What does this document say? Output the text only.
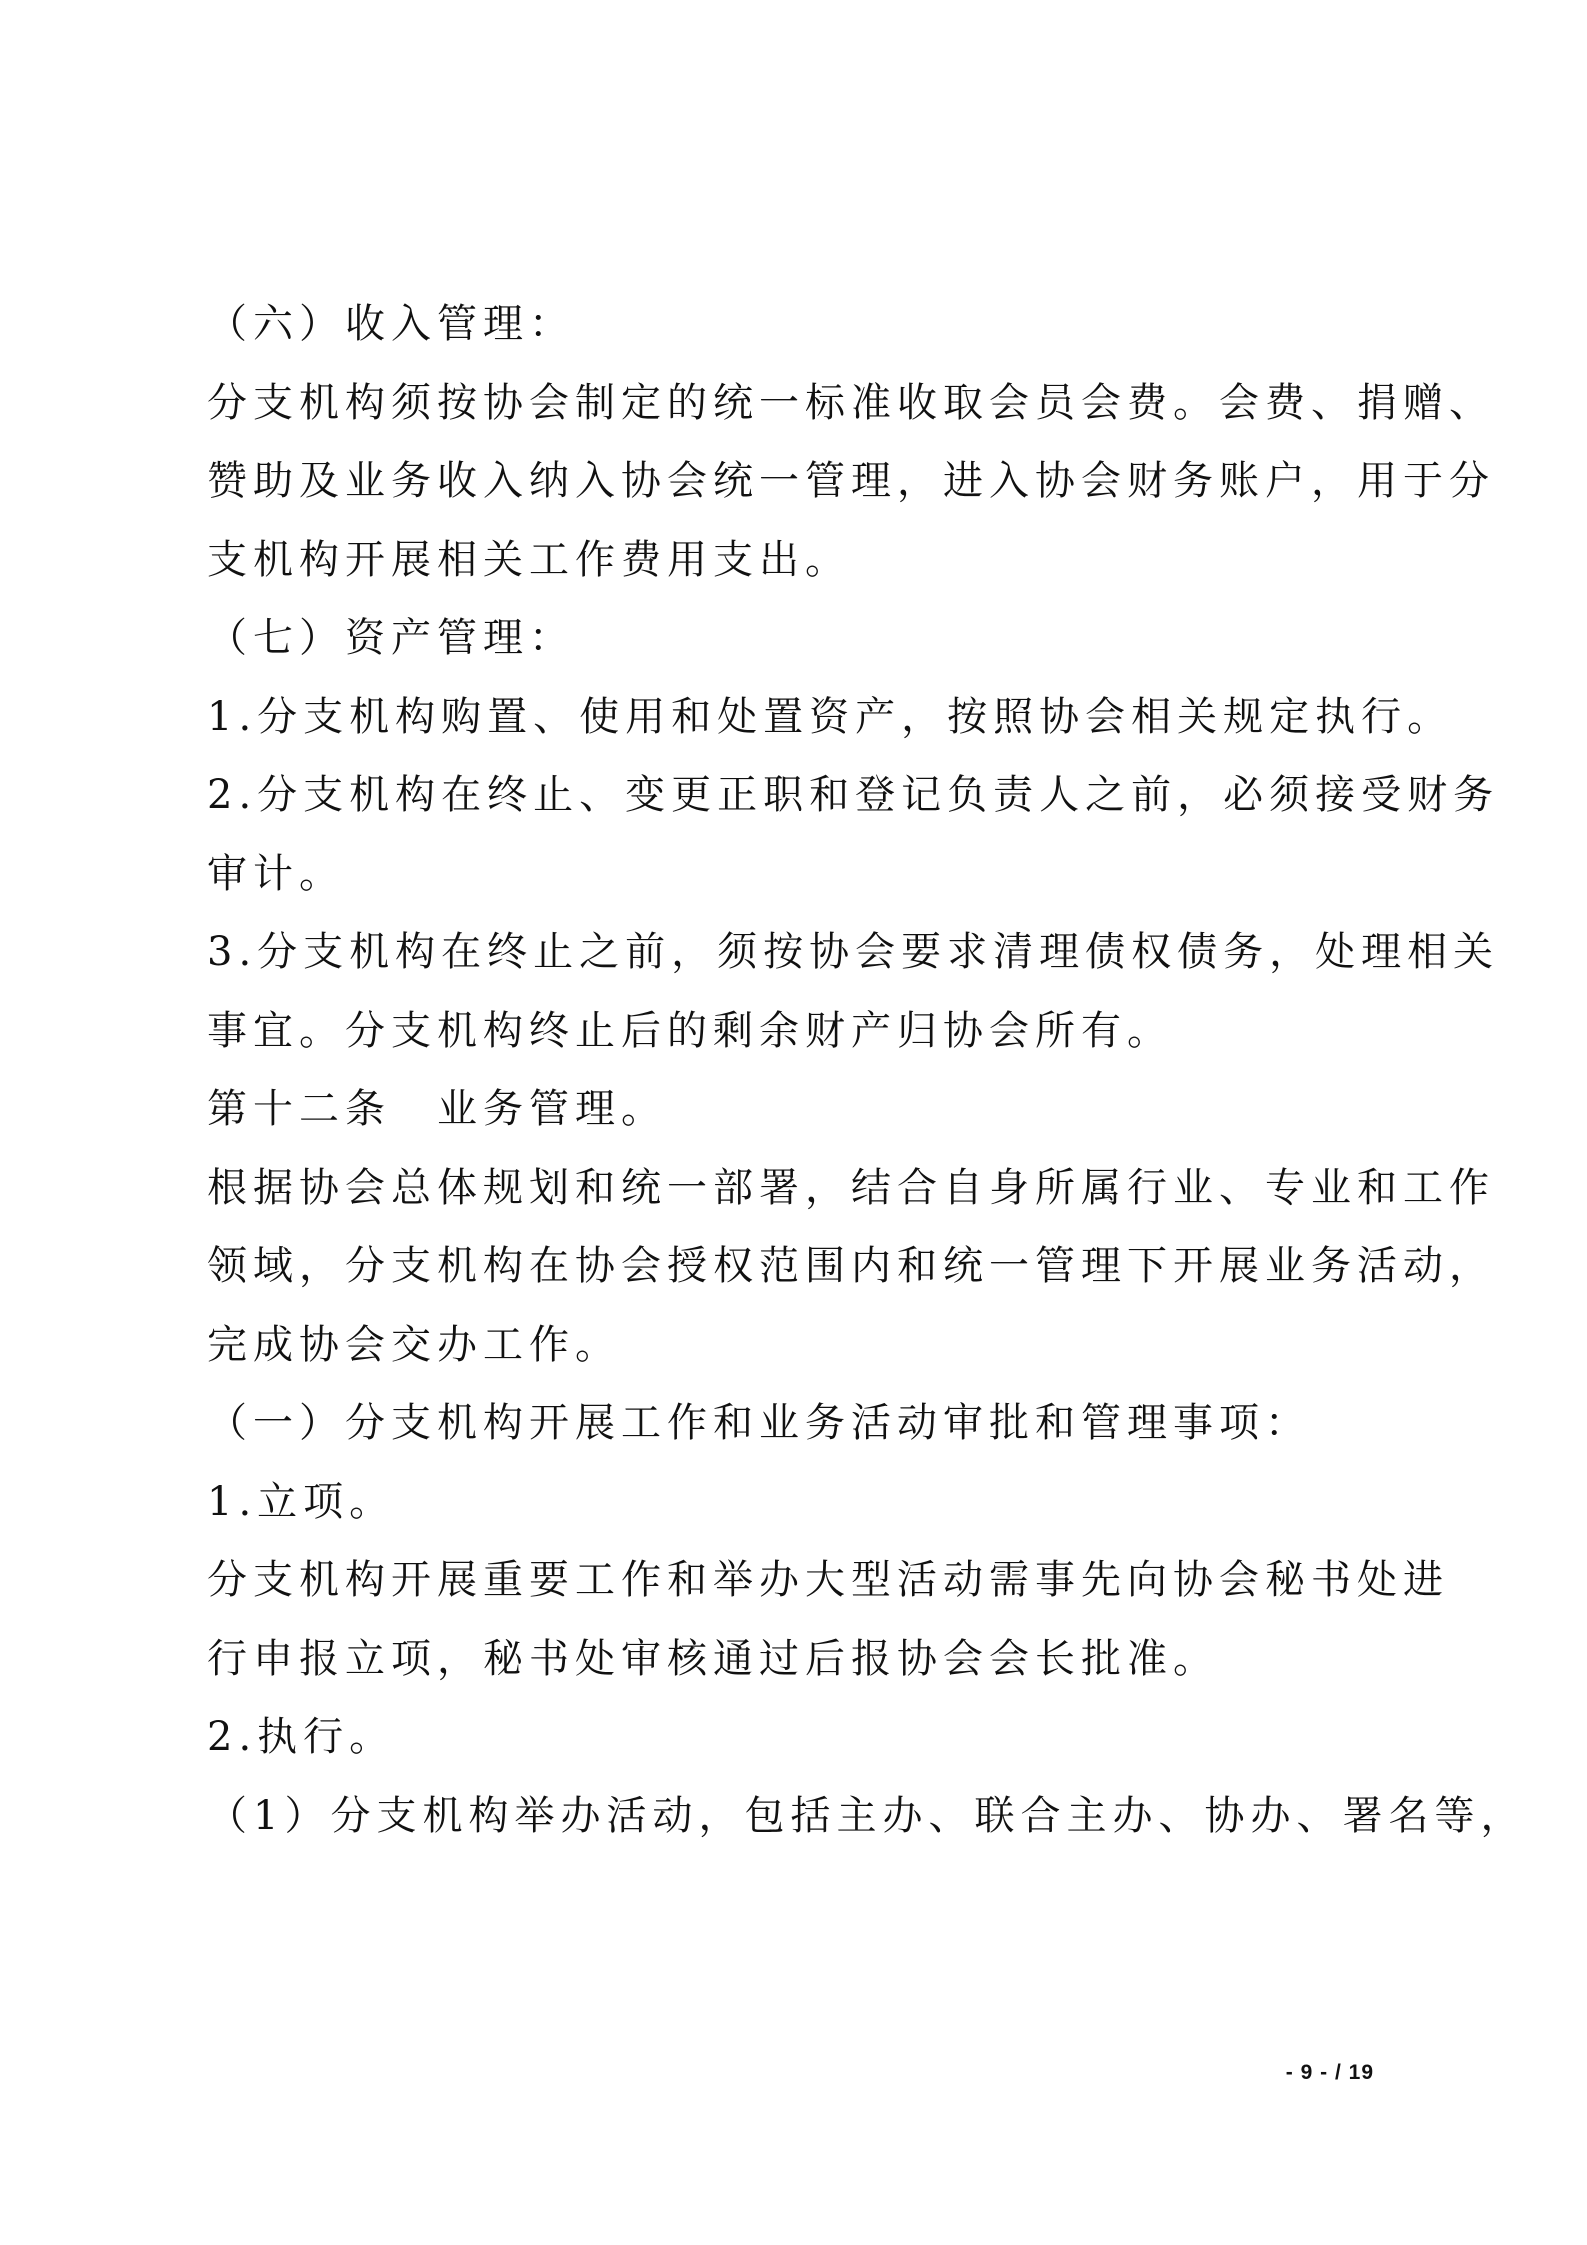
（六）收入管理：
分支机构须按协会制定的统一标准收取会员会费。会费、捐赠、
赞助及业务收入纳入协会统一管理，进入协会财务账户，用于分
支机构开展相关工作费用支出。
（七）资产管理：
1.分支机构购置、使用和处置资产，按照协会相关规定执行。
2.分支机构在终止、变更正职和登记负责人之前，必须接受财务
审计。
3.分支机构在终止之前，须按协会要求清理债权债务，处理相关
事宜。分支机构终止后的剩余财产归协会所有。
第十二条　业务管理。
根据协会总体规划和统一部署，结合自身所属行业、专业和工作
领域，分支机构在协会授权范围内和统一管理下开展业务活动，
完成协会交办工作。
（一）分支机构开展工作和业务活动审批和管理事项：
1.立项。
分支机构开展重要工作和举办大型活动需事先向协会秘书处进
行申报立项，秘书处审核通过后报协会会长批准。
2.执行。
（1）分支机构举办活动，包括主办、联合主办、协办、署名等，
- 9 - / 19
